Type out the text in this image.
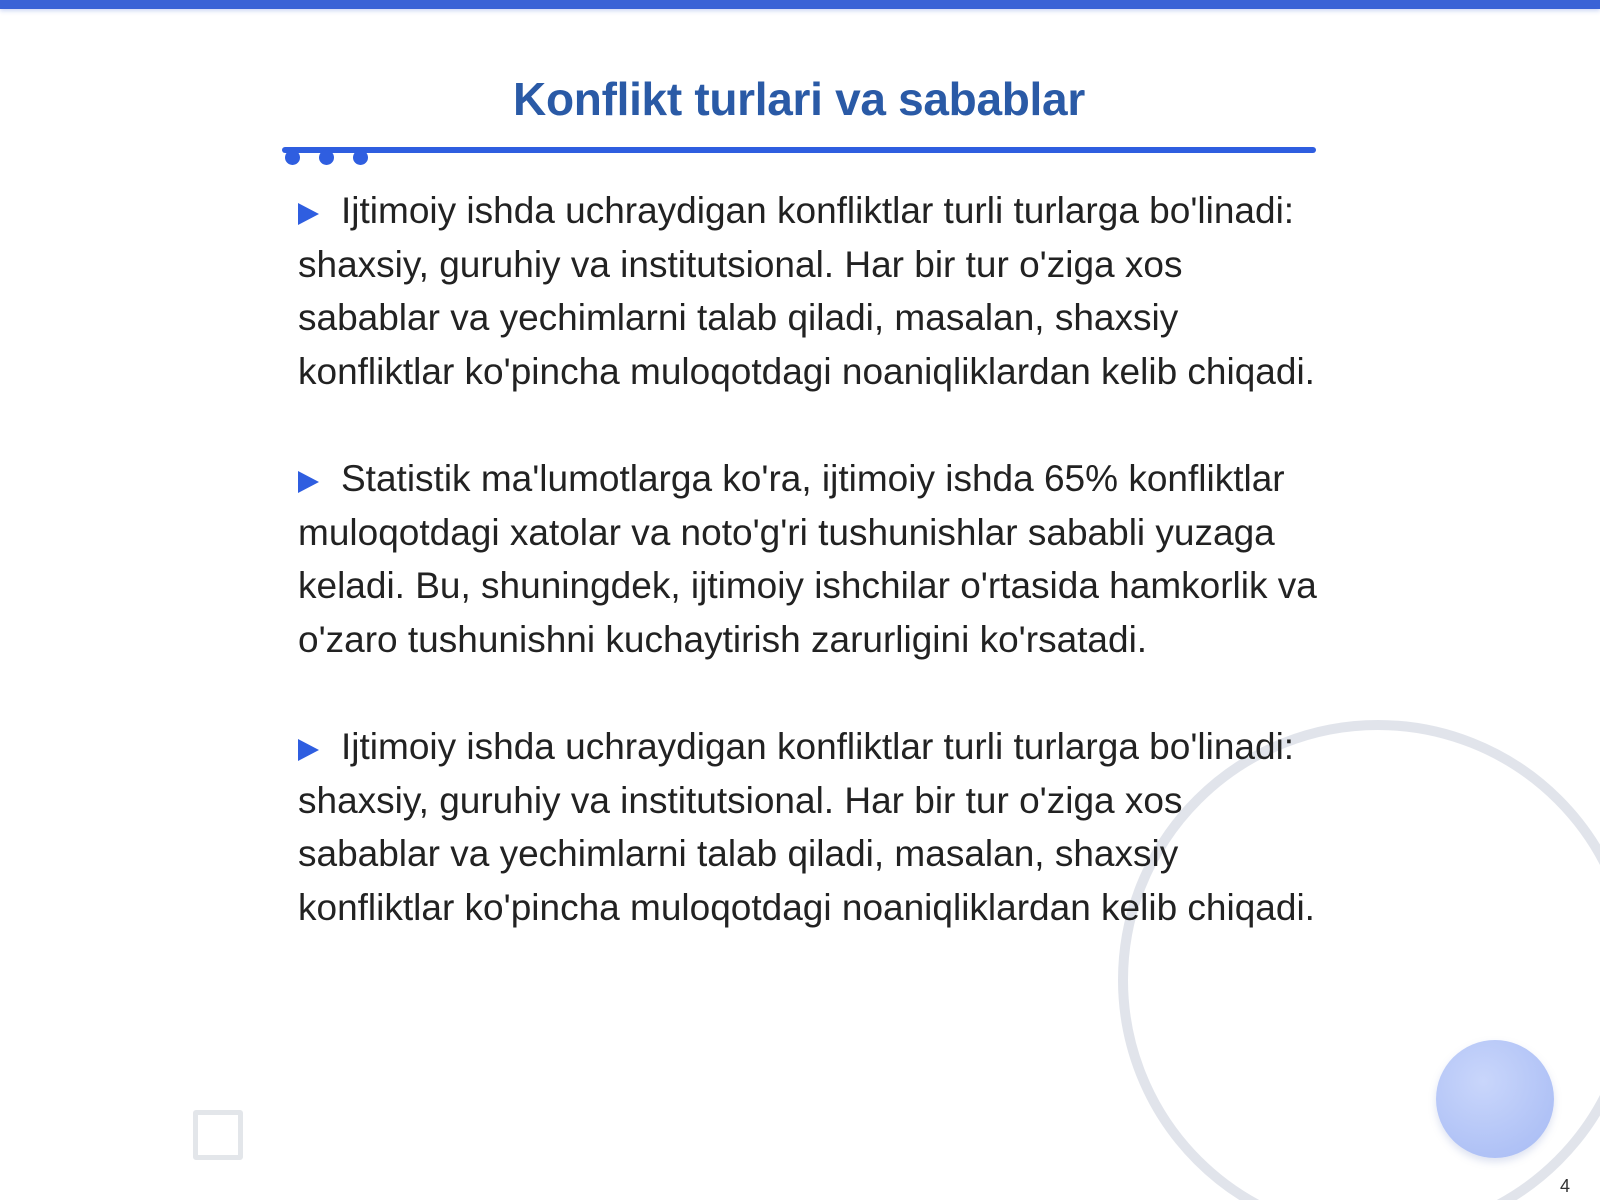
Konflikt turlari va sabablar

Ijtimoiy ishda uchraydigan konfliktlar turli turlarga bo'linadi: shaxsiy, guruhiy va institutsional. Har bir tur o'ziga xos sabablar va yechimlarni talab qiladi, masalan, shaxsiy konfliktlar ko'pincha muloqotdagi noaniqliklardan kelib chiqadi.

Statistik ma'lumotlarga ko'ra, ijtimoiy ishda 65% konfliktlar muloqotdagi xatolar va noto'g'ri tushunishlar sababli yuzaga keladi. Bu, shuningdek, ijtimoiy ishchilar o'rtasida hamkorlik va o'zaro tushunishni kuchaytirish zarurligini ko'rsatadi.

Ijtimoiy ishda uchraydigan konfliktlar turli turlarga bo'linadi: shaxsiy, guruhiy va institutsional. Har bir tur o'ziga xos sabablar va yechimlarni talab qiladi, masalan, shaxsiy konfliktlar ko'pincha muloqotdagi noaniqliklardan kelib chiqadi.

4
